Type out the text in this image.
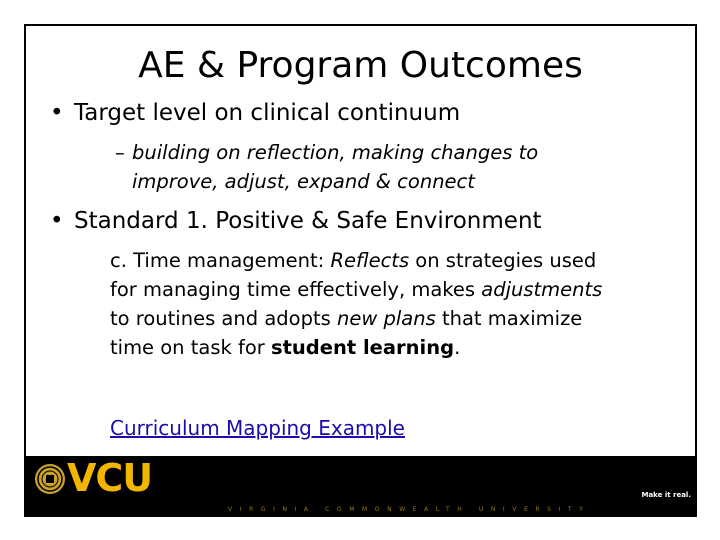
AE & Program Outcomes
• Target level on clinical continuum
– building on reflection, making changes to
improve, adjust, expand & connect
• Standard 1. Positive & Safe Environment
c. Time management: Reflects on strategies used
for managing time effectively, makes adjustments
to routines and adopts new plans that maximize
time on task for student learning.
Curriculum Mapping Example
VCU	Make it real.
VIRGINIA COMMONWEALTH UNIVERSITY
